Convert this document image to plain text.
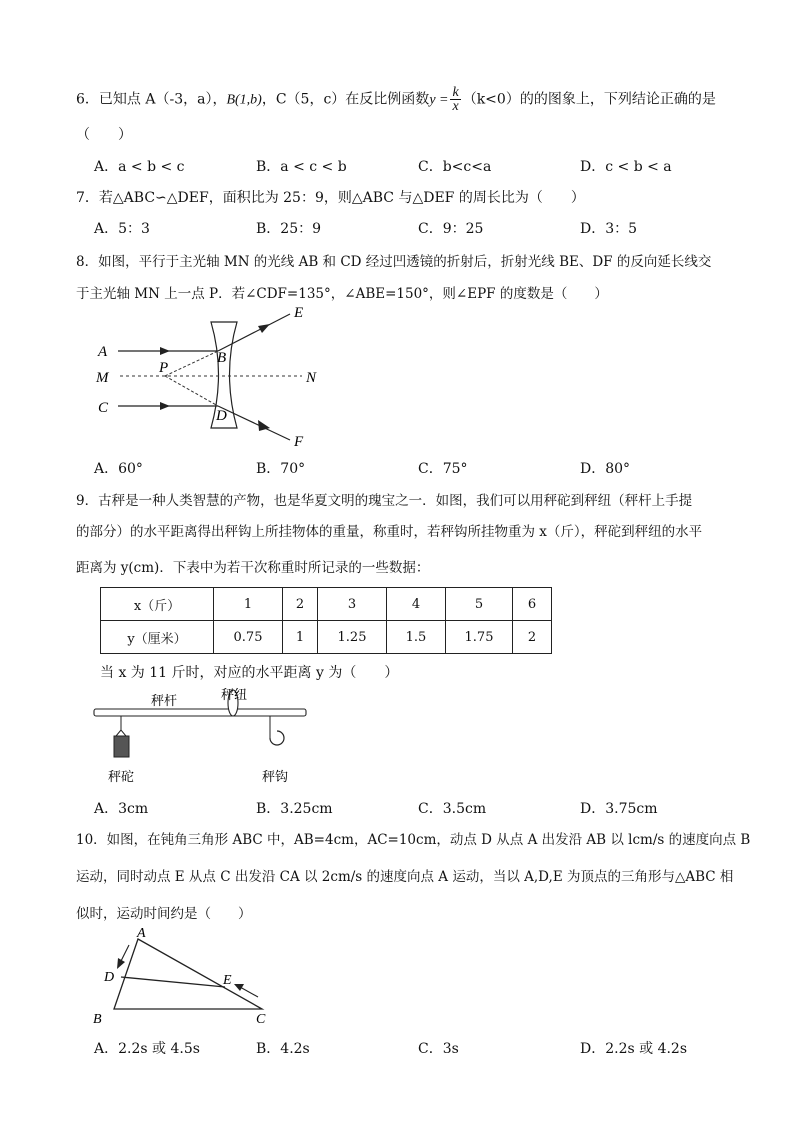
6．已知点 A（-3，a），B(1,b)，C（5，c）在反比例函数$y = \frac{k}{x} (k<0)$的的图象上，下列结论正确的是
（　　）
A．a < b < c	B．a < c < b	C．b<c<a	D．c < b < a
7．若△ABC∽△DEF，面积比为 25：9，则△ABC 与△DEF 的周长比为（　　）
A．5：3	B．25：9	C．9：25	D．3：5
8．如图，平行于主光轴 MN 的光线 AB 和 CD 经过凹透镜的折射后，折射光线 BE、DF 的反向延长线交
于主光轴 MN 上一点 P．若∠CDF=135°，∠ABE=150°，则∠EPF 的度数是（　　）
A
M
C
P
B
D
N
E
F
A．60°	B．70°	C．75°	D．80°
9．古秤是一种人类智慧的产物，也是华夏文明的瑰宝之一．如图，我们可以用秤砣到秤纽（秤杆上手提
的部分）的水平距离得出秤钩上所挂物体的重量，称重时，若秤钩所挂物重为 x（斤），秤砣到秤纽的水平
距离为 y(cm)．下表中为若干次称重时所记录的一些数据：
x（斤）	1	2	3	4	5	6
y（厘米）	0.75	1	1.25	1.5	1.75	2
当 x 为 11 斤时，对应的水平距离 y 为（　　）
秤纽
秤杆
秤砣	秤钩
A．3cm	B．3.25cm	C．3.5cm	D．3.75cm
10．如图，在钝角三角形 ABC 中，AB=4cm，AC=10cm，动点 D 从点 A 出发沿 AB 以 lcm/s 的速度向点 B
运动，同时动点 E 从点 C 出发沿 CA 以 2cm/s 的速度向点 A 运动，当以 A,D,E 为顶点的三角形与△ABC 相
似时，运动时间约是（　　）
A
D	E
B	C
A．2.2s 或 4.5s	B．4.2s	C．3s	D．2.2s 或 4.2s
